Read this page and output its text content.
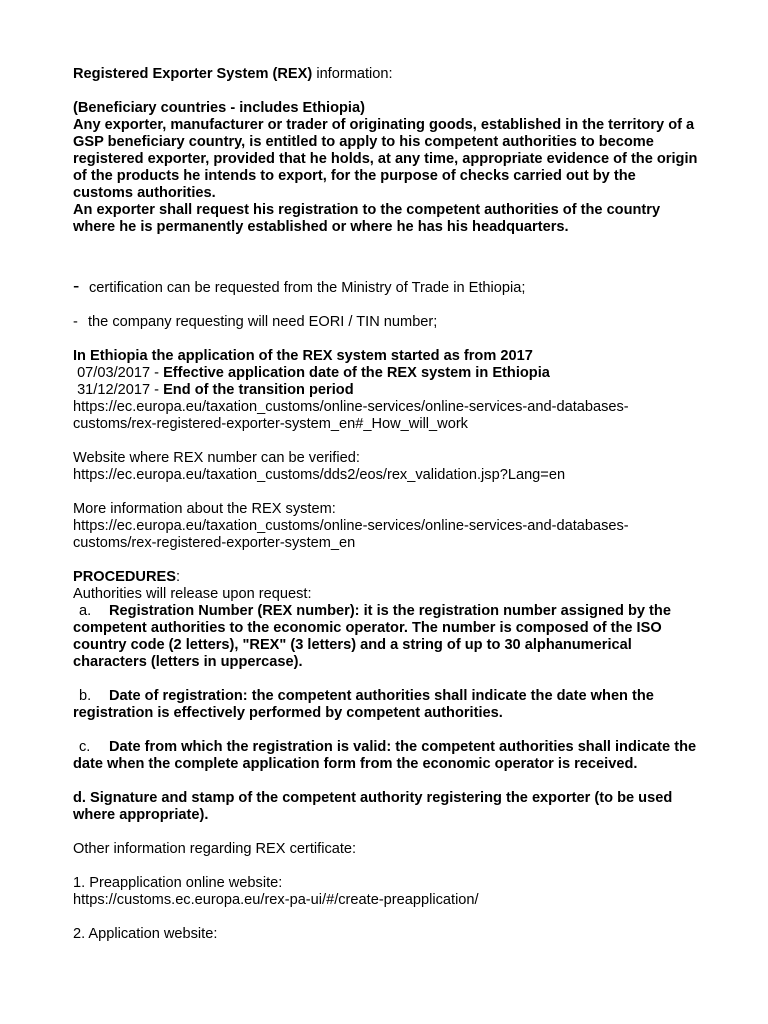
Registered Exporter System (REX) information:

(Beneficiary countries - includes Ethiopia)

Any exporter, manufacturer or trader of originating goods, established in the territory of a GSP beneficiary country, is entitled to apply to his competent authorities to become registered exporter, provided that he holds, at any time, appropriate evidence of the origin of the products he intends to export, for the purpose of checks carried out by the customs authorities.

An exporter shall request his registration to the competent authorities of the country where he is permanently established or where he has his headquarters.

- certification can be requested from the Ministry of Trade in Ethiopia;

- the company requesting will need EORI / TIN number;

In Ethiopia the application of the REX system started as from 2017

07/03/2017 - Effective application date of the REX system in Ethiopia

31/12/2017 - End of the transition period

https://ec.europa.eu/taxation_customs/online-services/online-services-and-databases-customs/rex-registered-exporter-system_en#_How_will_work

Website where REX number can be verified:

https://ec.europa.eu/taxation_customs/dds2/eos/rex_validation.jsp?Lang=en

More information about the REX system:

https://ec.europa.eu/taxation_customs/online-services/online-services-and-databases-customs/rex-registered-exporter-system_en

PROCEDURES:

Authorities will release upon request:

a. Registration Number (REX number): it is the registration number assigned by the competent authorities to the economic operator. The number is composed of the ISO country code (2 letters), "REX" (3 letters) and a string of up to 30 alphanumerical characters (letters in uppercase).

b. Date of registration: the competent authorities shall indicate the date when the registration is effectively performed by competent authorities.

c. Date from which the registration is valid: the competent authorities shall indicate the date when the complete application form from the economic operator is received.

d. Signature and stamp of the competent authority registering the exporter (to be used where appropriate).

Other information regarding REX certificate:

1. Preapplication online website:

https://customs.ec.europa.eu/rex-pa-ui/#/create-preapplication/

2. Application website:
